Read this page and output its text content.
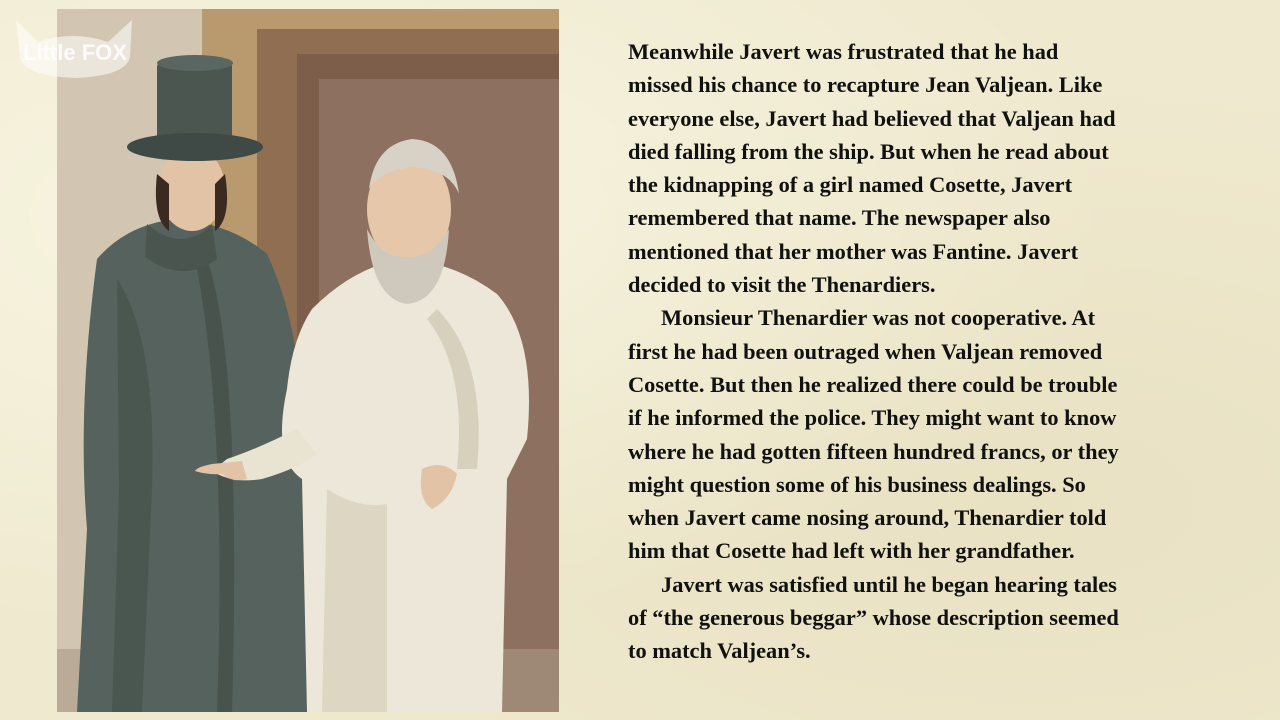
Little FOX	Meanwhile Javert was frustrated that he had
missed his chance to recapture Jean Valjean. Like
everyone else, Javert had believed that Valjean had
died falling from the ship. But when he read about
the kidnapping of a girl named Cosette, Javert
remembered that name. The newspaper also
mentioned that her mother was Fantine. Javert
decided to visit the Thenardiers.

Monsieur Thenardier was not cooperative. At
first he had been outraged when Valjean removed
Cosette. But then he realized there could be trouble
if he informed the police. They might want to know
where he had gotten fifteen hundred francs, or they
might question some of his business dealings. So
when Javert came nosing around, Thenardier told
him that Cosette had left with her grandfather.

Javert was satisfied until he began hearing tales
of “the generous beggar” whose description seemed
to match Valjean’s.
